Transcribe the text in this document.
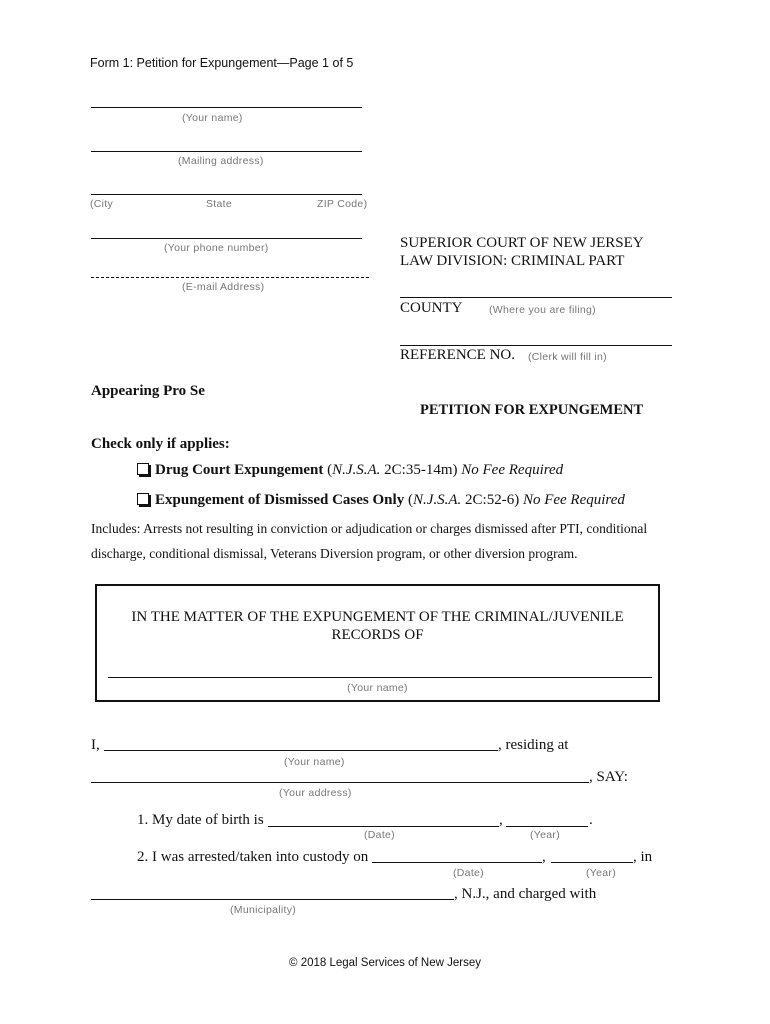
Form 1: Petition for Expungement—Page 1 of 5
(Your name)
(Mailing address)
(City	State	ZIP Code)
(Your phone number)
(E-mail Address)
SUPERIOR COURT OF NEW JERSEY
LAW DIVISION: CRIMINAL PART
COUNTY	(Where you are filing)
REFERENCE NO. (Clerk will fill in)
Appearing Pro Se
PETITION FOR EXPUNGEMENT
Check only if applies:
Drug Court Expungement (N.J.S.A. 2C:35-14m) No Fee Required
Expungement of Dismissed Cases Only (N.J.S.A. 2C:52-6) No Fee Required
Includes: Arrests not resulting in conviction or adjudication or charges dismissed after PTI, conditional
discharge, conditional dismissal, Veterans Diversion program, or other diversion program.
IN THE MATTER OF THE EXPUNGEMENT OF THE CRIMINAL/JUVENILE
RECORDS OF
(Your name)
I,	, residing at
(Your name)
, SAY:
(Your address)
1. My date of birth is	,	.
(Date)	(Year)
2. I was arrested/taken into custody on	,	, in
(Date)	(Year)
, N.J., and charged with
(Municipality)
© 2018 Legal Services of New Jersey
